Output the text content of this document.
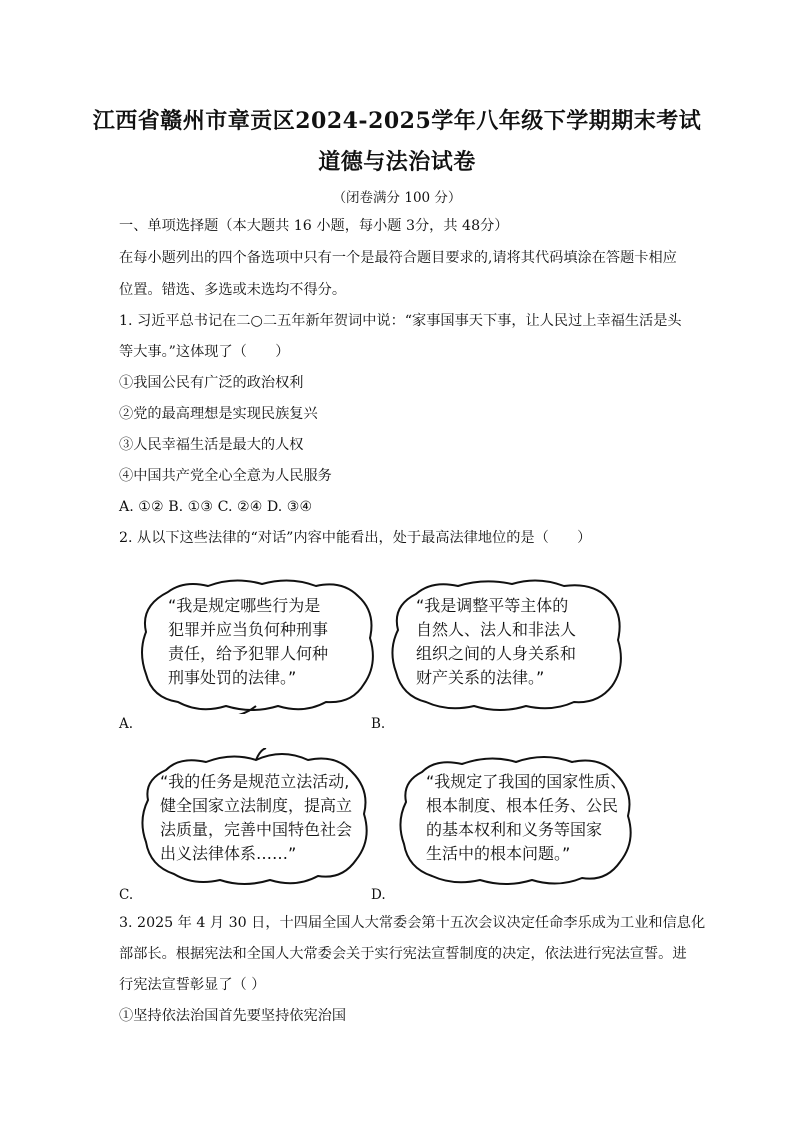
江西省赣州市章贡区2024-2025学年八年级下学期期末考试
道德与法治试卷
（闭卷满分 100 分）
一、单项选择题（本大题共 16 小题，每小题 3分，共 48分）
在每小题列出的四个备选项中只有一个是最符合题目要求的,请将其代码填涂在答题卡相应
位置。错选、多选或未选均不得分。
1. 习近平总书记在二○二五年新年贺词中说：“家事国事天下事，让人民过上幸福生活是头
等大事。”这体现了（　　）
①我国公民有广泛的政治权利
②党的最高理想是实现民族复兴
③人民幸福生活是最大的人权
④中国共产党全心全意为人民服务
A. ①② B. ①③ C. ②④ D. ③④
2. 从以下这些法律的“对话”内容中能看出，处于最高法律地位的是（　　）
“我是规定哪些行为是
犯罪并应当负何种刑事
责任，给予犯罪人何种
刑事处罚的法律。”
A.
“我是调整平等主体的
自然人、法人和非法人
组织之间的人身关系和
财产关系的法律。”
B.
“我的任务是规范立法活动,
健全国家立法制度，提高立
法质量，完善中国特色社会
出义法律体系……”
C.
“我规定了我国的国家性质、
根本制度、根本任务、公民
的基本权利和义务等国家
生活中的根本问题。”
D.
3. 2025 年 4 月 30 日，十四届全国人大常委会第十五次会议决定任命李乐成为工业和信息化
部部长。根据宪法和全国人大常委会关于实行宪法宣誓制度的决定，依法进行宪法宣誓。进
行宪法宣誓彰显了（ ）
①坚持依法治国首先要坚持依宪治国
